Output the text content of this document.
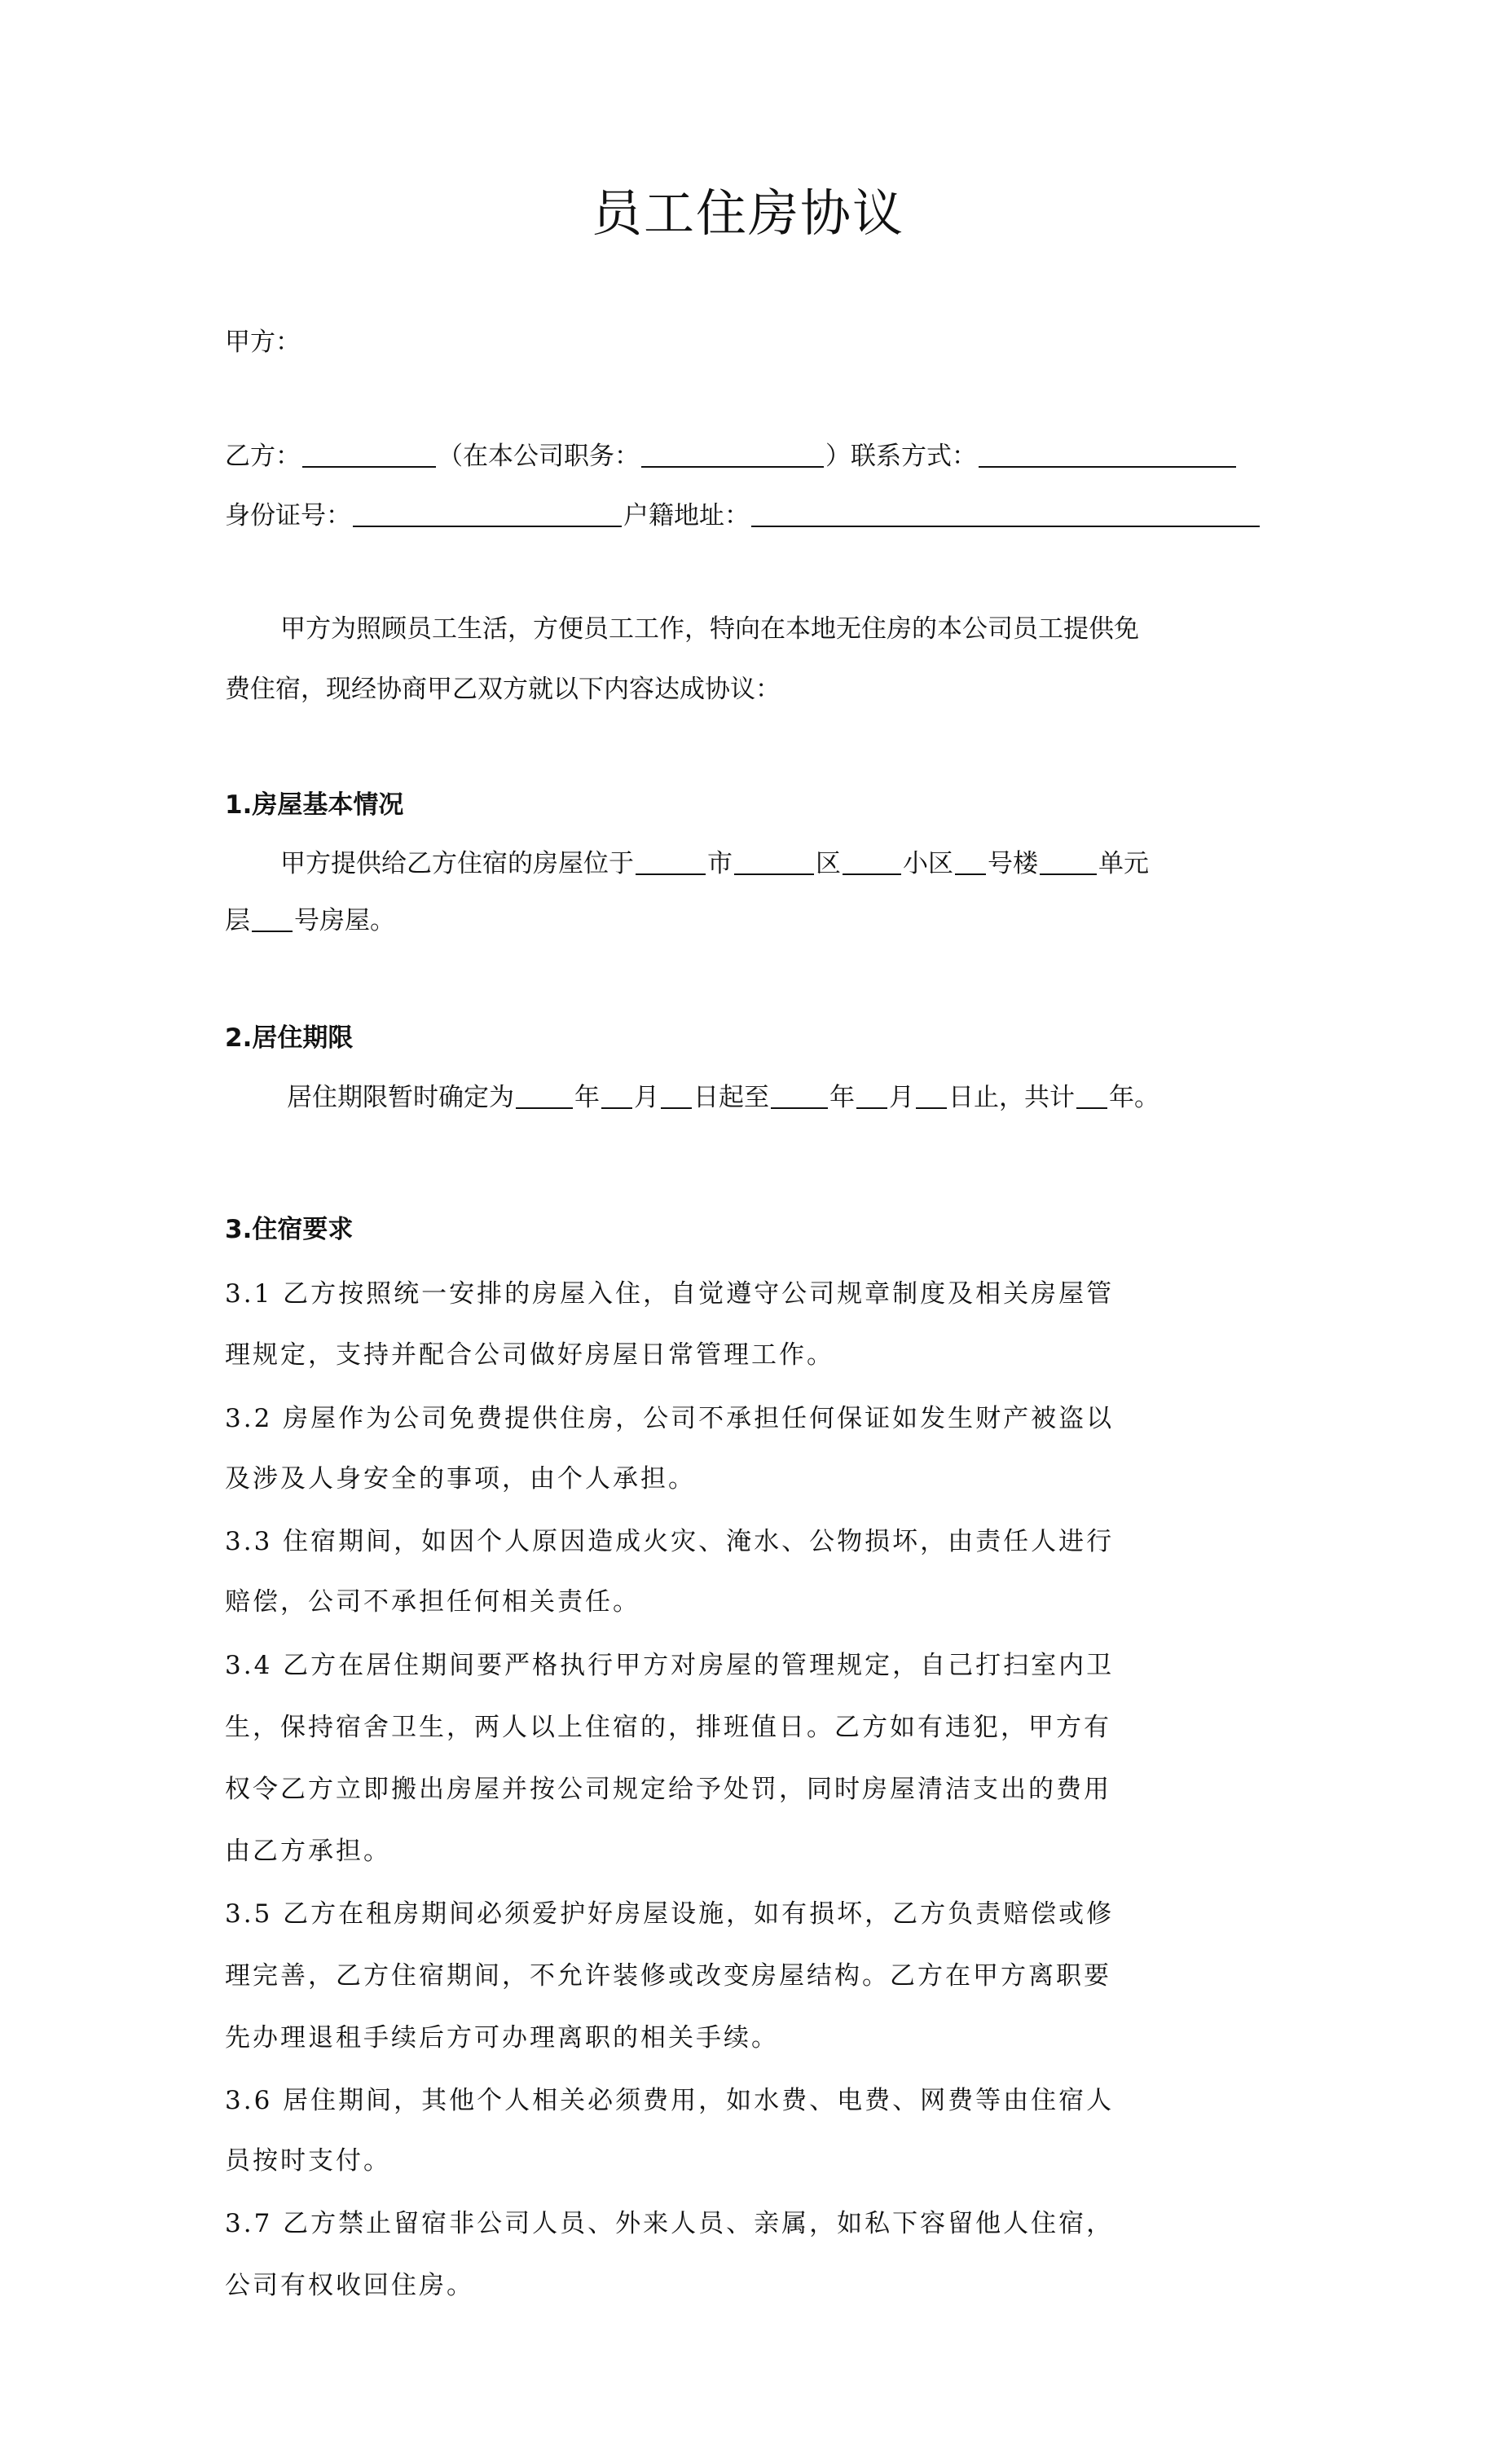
员工住房协议
甲方：
乙方：	（在本公司职务：	）联系方式：
身份证号：	户籍地址：
甲方为照顾员工生活，方便员工工作，特向在本地无住房的本公司员工提供免
费住宿，现经协商甲乙双方就以下内容达成协议：
1.房屋基本情况
甲方提供给乙方住宿的房屋位于	市	区 小区 号楼 单元
层 号房屋。
2.居住期限
居住期限暂时确定为 年 月 日起至 年 月 日止，共计 年。
3.住宿要求
3.1 乙方按照统一安排的房屋入住，自觉遵守公司规章制度及相关房屋管
理规定，支持并配合公司做好房屋日常管理工作。
3.2 房屋作为公司免费提供住房，公司不承担任何保证如发生财产被盗以
及涉及人身安全的事项，由个人承担。
3.3 住宿期间，如因个人原因造成火灾、淹水、公物损坏，由责任人进行
赔偿，公司不承担任何相关责任。
3.4 乙方在居住期间要严格执行甲方对房屋的管理规定，自己打扫室内卫
生，保持宿舍卫生，两人以上住宿的，排班值日。乙方如有违犯，甲方有
权令乙方立即搬出房屋并按公司规定给予处罚，同时房屋清洁支出的费用
由乙方承担。
3.5 乙方在租房期间必须爱护好房屋设施，如有损坏，乙方负责赔偿或修
理完善，乙方住宿期间，不允许装修或改变房屋结构。乙方在甲方离职要
先办理退租手续后方可办理离职的相关手续。
3.6 居住期间，其他个人相关必须费用，如水费、电费、网费等由住宿人
员按时支付。
3.7 乙方禁止留宿非公司人员、外来人员、亲属，如私下容留他人住宿，
公司有权收回住房。
